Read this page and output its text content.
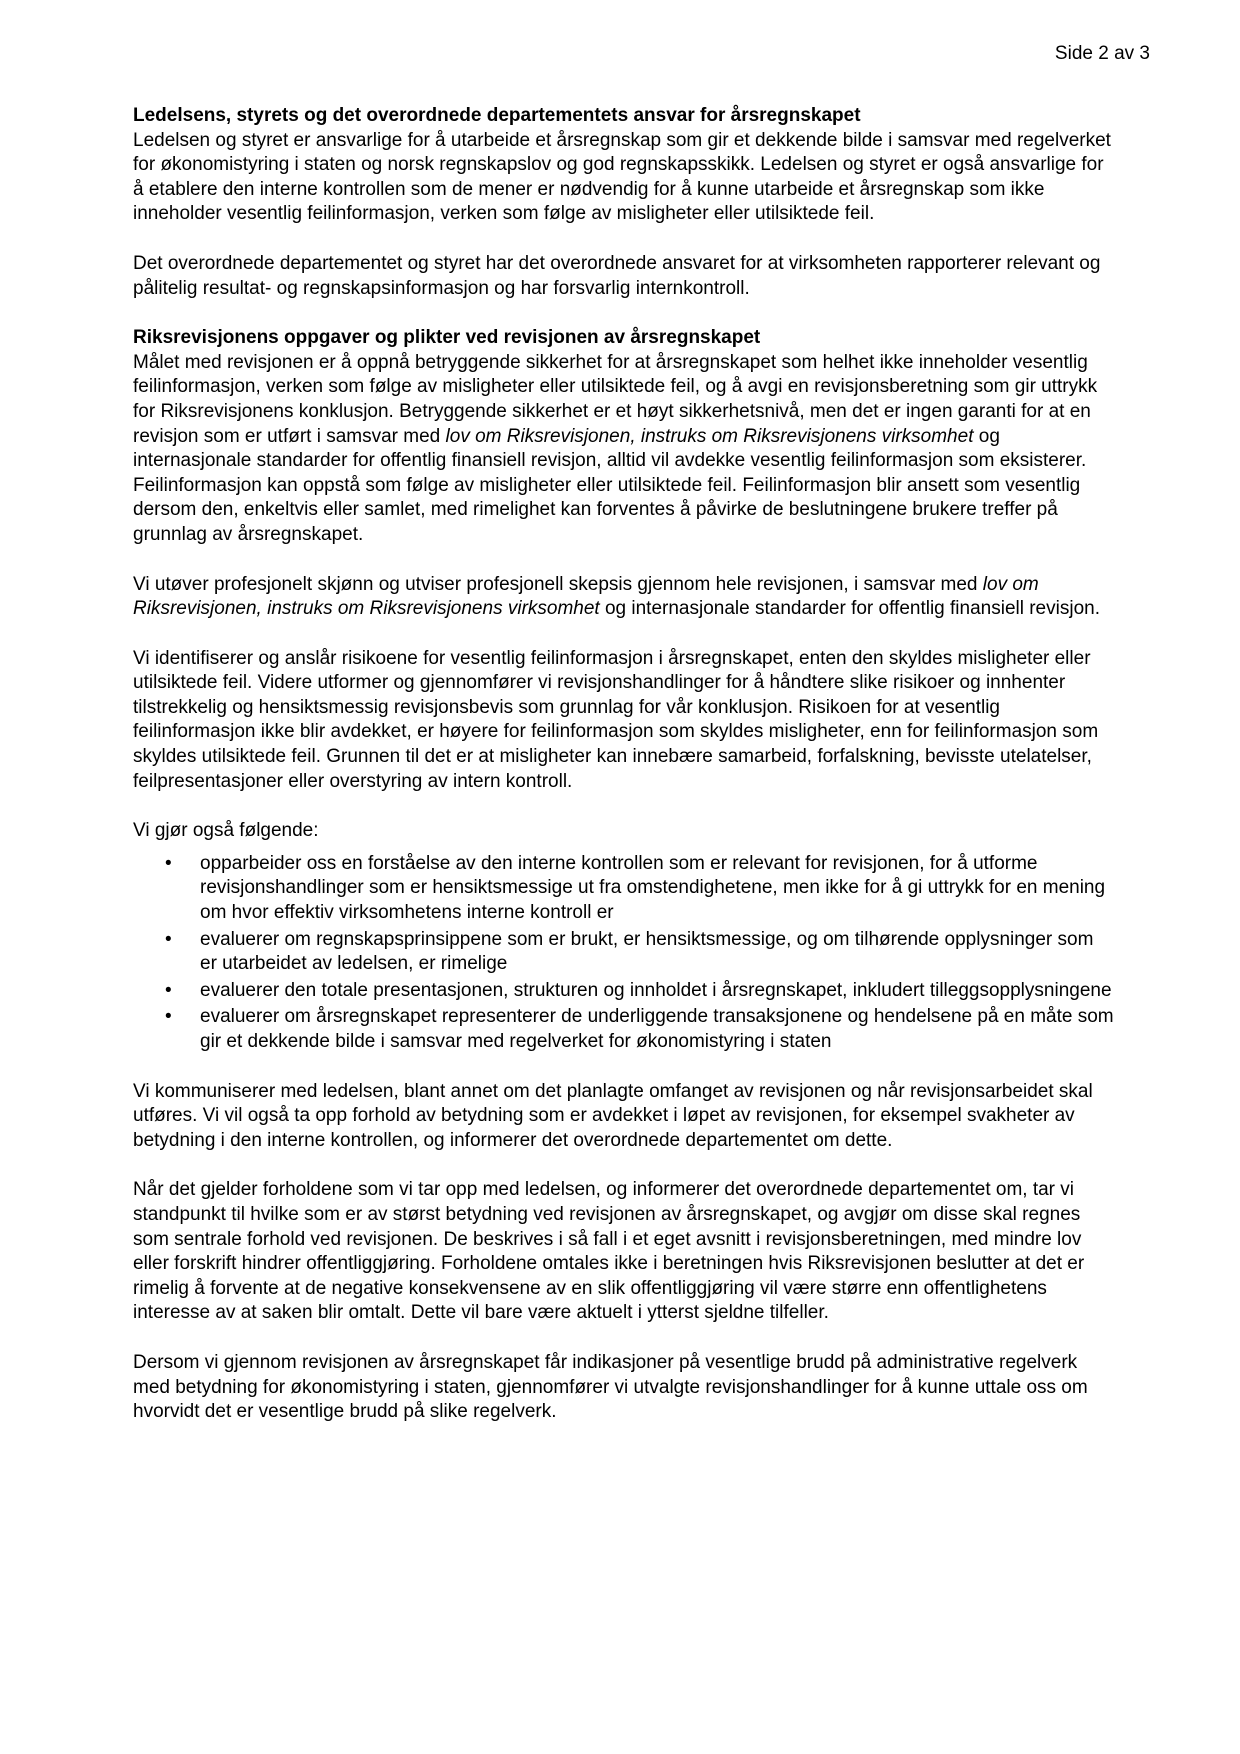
Side 2 av 3
Ledelsens, styrets og det overordnede departementets ansvar for årsregnskapet

Ledelsen og styret er ansvarlige for å utarbeide et årsregnskap som gir et dekkende bilde i samsvar med regelverket for økonomistyring i staten og norsk regnskapslov og god regnskapsskikk. Ledelsen og styret er også ansvarlige for å etablere den interne kontrollen som de mener er nødvendig for å kunne utarbeide et årsregnskap som ikke inneholder vesentlig feilinformasjon, verken som følge av misligheter eller utilsiktede feil.

Det overordnede departementet og styret har det overordnede ansvaret for at virksomheten rapporterer relevant og pålitelig resultat- og regnskapsinformasjon og har forsvarlig internkontroll.

Riksrevisjonens oppgaver og plikter ved revisjonen av årsregnskapet

Målet med revisjonen er å oppnå betryggende sikkerhet for at årsregnskapet som helhet ikke inneholder vesentlig feilinformasjon, verken som følge av misligheter eller utilsiktede feil, og å avgi en revisjonsberetning som gir uttrykk for Riksrevisjonens konklusjon. Betryggende sikkerhet er et høyt sikkerhetsnivå, men det er ingen garanti for at en revisjon som er utført i samsvar med lov om Riksrevisjonen, instruks om Riksrevisjonens virksomhet og internasjonale standarder for offentlig finansiell revisjon, alltid vil avdekke vesentlig feilinformasjon som eksisterer. Feilinformasjon kan oppstå som følge av misligheter eller utilsiktede feil. Feilinformasjon blir ansett som vesentlig dersom den, enkeltvis eller samlet, med rimelighet kan forventes å påvirke de beslutningene brukere treffer på grunnlag av årsregnskapet.

Vi utøver profesjonelt skjønn og utviser profesjonell skepsis gjennom hele revisjonen, i samsvar med lov om Riksrevisjonen, instruks om Riksrevisjonens virksomhet og internasjonale standarder for offentlig finansiell revisjon.

Vi identifiserer og anslår risikoene for vesentlig feilinformasjon i årsregnskapet, enten den skyldes misligheter eller utilsiktede feil. Videre utformer og gjennomfører vi revisjonshandlinger for å håndtere slike risikoer og innhenter tilstrekkelig og hensiktsmessig revisjonsbevis som grunnlag for vår konklusjon. Risikoen for at vesentlig feilinformasjon ikke blir avdekket, er høyere for feilinformasjon som skyldes misligheter, enn for feilinformasjon som skyldes utilsiktede feil. Grunnen til det er at misligheter kan innebære samarbeid, forfalskning, bevisste utelatelser, feilpresentasjoner eller overstyring av intern kontroll.

Vi gjør også følgende:

• opparbeider oss en forståelse av den interne kontrollen som er relevant for revisjonen, for å utforme revisjonshandlinger som er hensiktsmessige ut fra omstendighetene, men ikke for å gi uttrykk for en mening om hvor effektiv virksomhetens interne kontroll er
• evaluerer om regnskapsprinsippene som er brukt, er hensiktsmessige, og om tilhørende opplysninger som er utarbeidet av ledelsen, er rimelige
• evaluerer den totale presentasjonen, strukturen og innholdet i årsregnskapet, inkludert tilleggsopplysningene
• evaluerer om årsregnskapet representerer de underliggende transaksjonene og hendelsene på en måte som gir et dekkende bilde i samsvar med regelverket for økonomistyring i staten

Vi kommuniserer med ledelsen, blant annet om det planlagte omfanget av revisjonen og når revisjonsarbeidet skal utføres. Vi vil også ta opp forhold av betydning som er avdekket i løpet av revisjonen, for eksempel svakheter av betydning i den interne kontrollen, og informerer det overordnede departementet om dette.

Når det gjelder forholdene som vi tar opp med ledelsen, og informerer det overordnede departementet om, tar vi standpunkt til hvilke som er av størst betydning ved revisjonen av årsregnskapet, og avgjør om disse skal regnes som sentrale forhold ved revisjonen. De beskrives i så fall i et eget avsnitt i revisjonsberetningen, med mindre lov eller forskrift hindrer offentliggjøring. Forholdene omtales ikke i beretningen hvis Riksrevisjonen beslutter at det er rimelig å forvente at de negative konsekvensene av en slik offentliggjøring vil være større enn offentlighetens interesse av at saken blir omtalt. Dette vil bare være aktuelt i ytterst sjeldne tilfeller.

Dersom vi gjennom revisjonen av årsregnskapet får indikasjoner på vesentlige brudd på administrative regelverk med betydning for økonomistyring i staten, gjennomfører vi utvalgte revisjonshandlinger for å kunne uttale oss om hvorvidt det er vesentlige brudd på slike regelverk.
